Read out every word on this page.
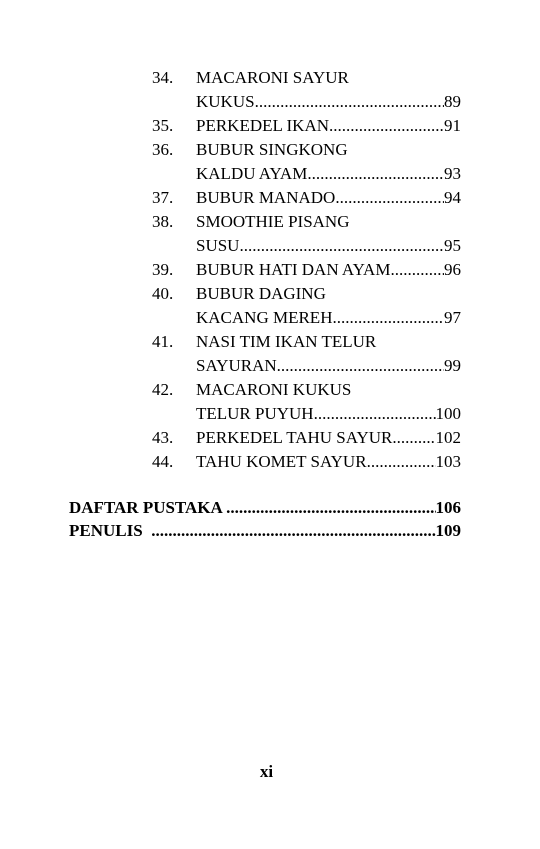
34.	MACARONI SAYUR
KUKUS .....	89
35.	PERKEDEL IKAN .....	91
36.	BUBUR SINGKONG
KALDU AYAM .....	93
37.	BUBUR MANADO .....	94
38.	SMOOTHIE PISANG
SUSU .....	95
39.	BUBUR HATI DAN AYAM .....	96
40.	BUBUR DAGING
KACANG MEREH .....	97
41.	NASI TIM IKAN TELUR
SAYURAN .....	99
42.	MACARONI KUKUS
TELUR PUYUH .....	100
43.	PERKEDEL TAHU SAYUR .....	102
44.	TAHU KOMET SAYUR .....	103
DAFTAR PUSTAKA .....	106
PENULIS .....	109
xi
